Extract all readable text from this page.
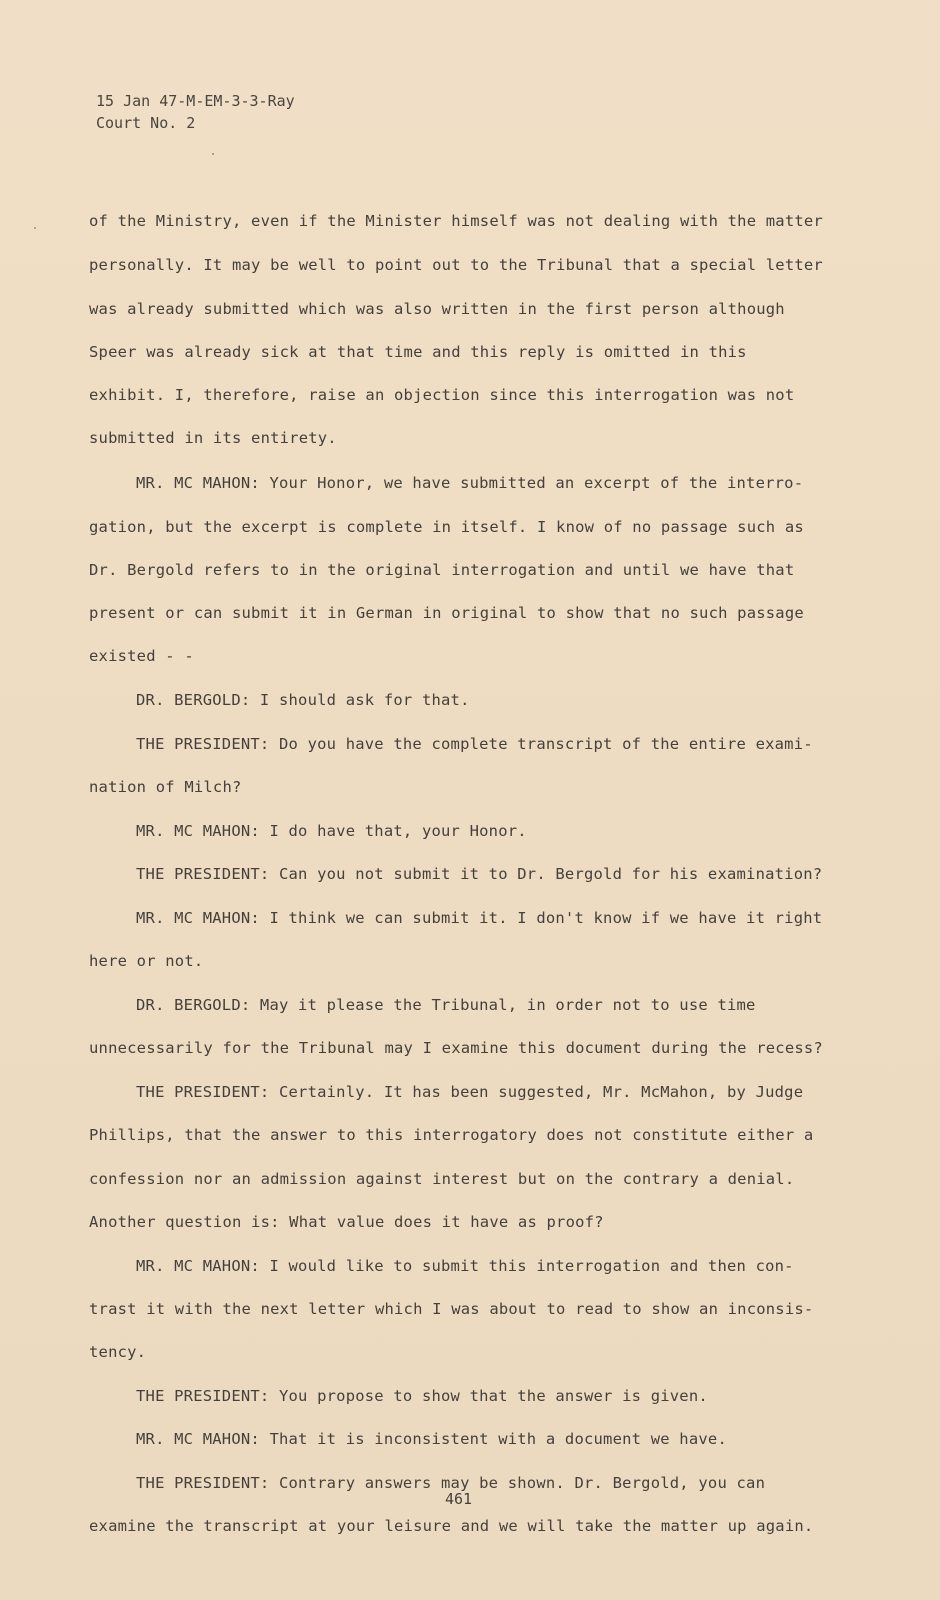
15 Jan 47-M-EM-3-3-Ray
Court No. 2
of the Ministry, even if the Minister himself was not dealing with the matter
personally. It may be well to point out to the Tribunal that a special letter
was already submitted which was also written in the first person although
Speer was already sick at that time and this reply is omitted in this
exhibit. I, therefore, raise an objection since this interrogation was not
submitted in its entirety.
MR. MC MAHON: Your Honor, we have submitted an excerpt of the interro-
gation, but the excerpt is complete in itself. I know of no passage such as
Dr. Bergold refers to in the original interrogation and until we have that
present or can submit it in German in original to show that no such passage
existed - -
DR. BERGOLD: I should ask for that.
THE PRESIDENT: Do you have the complete transcript of the entire exami-
nation of Milch?
MR. MC MAHON: I do have that, your Honor.
THE PRESIDENT: Can you not submit it to Dr. Bergold for his examination?
MR. MC MAHON: I think we can submit it. I don't know if we have it right
here or not.
DR. BERGOLD: May it please the Tribunal, in order not to use time
unnecessarily for the Tribunal may I examine this document during the recess?
THE PRESIDENT: Certainly. It has been suggested, Mr. McMahon, by Judge
Phillips, that the answer to this interrogatory does not constitute either a
confession nor an admission against interest but on the contrary a denial.
Another question is: What value does it have as proof?
MR. MC MAHON: I would like to submit this interrogation and then con-
trast it with the next letter which I was about to read to show an inconsis-
tency.
THE PRESIDENT: You propose to show that the answer is given.
MR. MC MAHON: That it is inconsistent with a document we have.
THE PRESIDENT: Contrary answers may be shown. Dr. Bergold, you can
examine the transcript at your leisure and we will take the matter up again.
461
